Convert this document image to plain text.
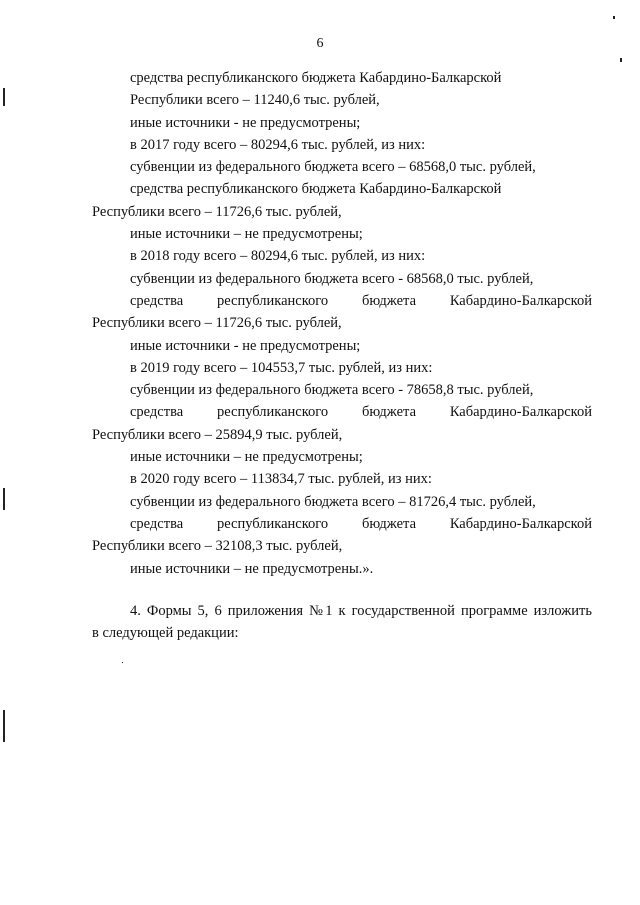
6
средства республиканского бюджета Кабардино-Балкарской
Республики всего – 11240,6 тыс. рублей,
иные источники - не предусмотрены;
в 2017 году всего – 80294,6 тыс. рублей, из них:
субвенции из федерального бюджета всего – 68568,0 тыс. рублей,
средства республиканского бюджета Кабардино-Балкарской
Республики всего – 11726,6 тыс. рублей,
иные источники – не предусмотрены;
в 2018 году всего – 80294,6 тыс. рублей, из них:
субвенции из федерального бюджета всего - 68568,0 тыс. рублей,
средства республиканского бюджета Кабардино-Балкарской
Республики всего – 11726,6 тыс. рублей,
иные источники - не предусмотрены;
в 2019 году всего – 104553,7 тыс. рублей, из них:
субвенции из федерального бюджета всего - 78658,8 тыс. рублей,
средства республиканского бюджета Кабардино-Балкарской
Республики всего – 25894,9 тыс. рублей,
иные источники – не предусмотрены;
в 2020 году всего – 113834,7 тыс. рублей, из них:
субвенции из федерального бюджета всего – 81726,4 тыс. рублей,
средства республиканского бюджета Кабардино-Балкарской
Республики всего – 32108,3 тыс. рублей,
иные источники – не предусмотрены.».
4. Формы 5, 6 приложения №1 к государственной программе изложить
в следующей редакции:
